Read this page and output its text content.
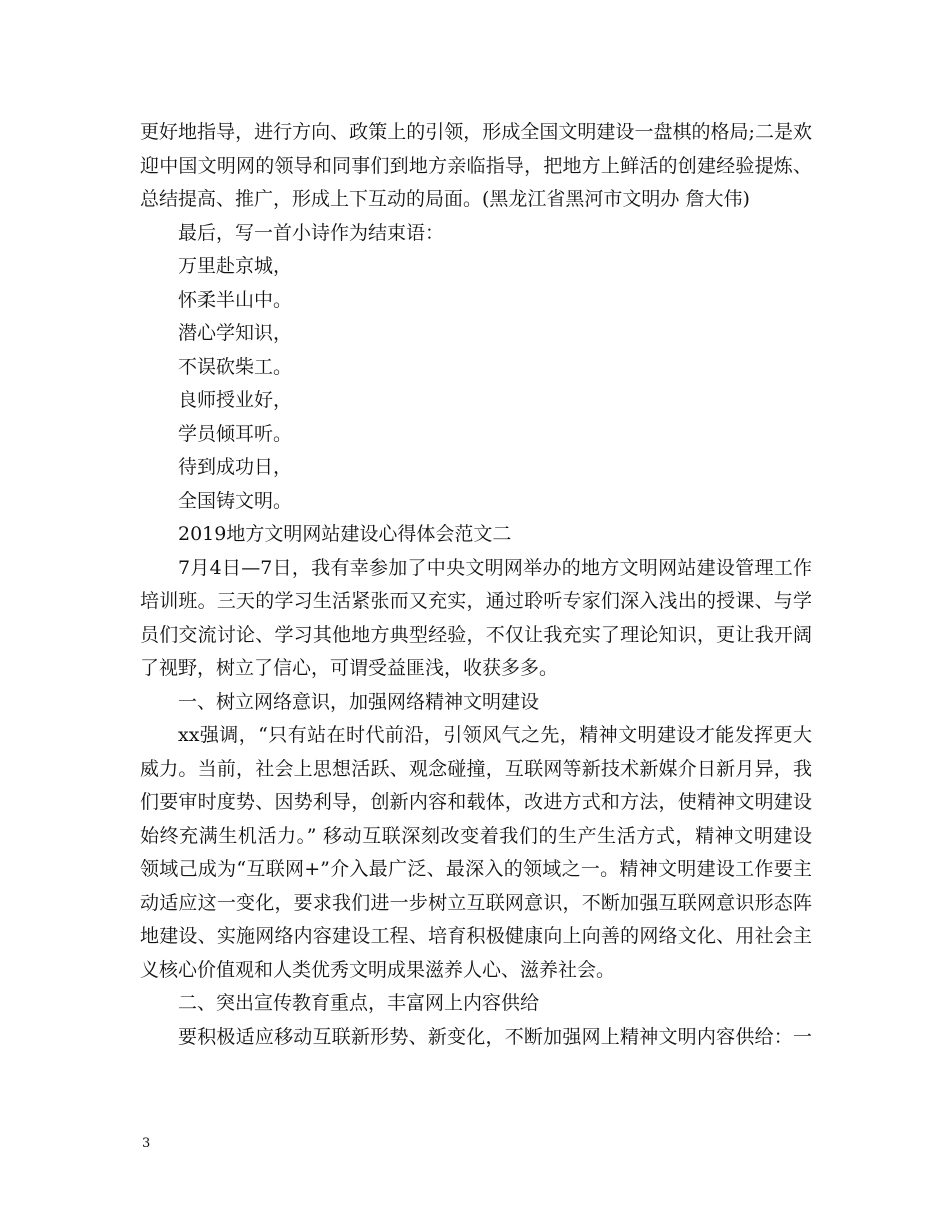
更好地指导，进行方向、政策上的引领，形成全国文明建设一盘棋的格局;二是欢
迎中国文明网的领导和同事们到地方亲临指导，把地方上鲜活的创建经验提炼、
总结提高、推广，形成上下互动的局面。(黑龙江省黑河市文明办 詹大伟)
最后，写一首小诗作为结束语：
万里赴京城，
怀柔半山中。
潜心学知识，
不误砍柴工。
良师授业好，
学员倾耳听。
待到成功日，
全国铸文明。
2019地方文明网站建设心得体会范文二
7月4日—7日，我有幸参加了中央文明网举办的地方文明网站建设管理工作
培训班。三天的学习生活紧张而又充实，通过聆听专家们深入浅出的授课、与学
员们交流讨论、学习其他地方典型经验，不仅让我充实了理论知识，更让我开阔
了视野，树立了信心，可谓受益匪浅，收获多多。
一、树立网络意识，加强网络精神文明建设
xx强调，“只有站在时代前沿，引领风气之先，精神文明建设才能发挥更大
威力。当前，社会上思想活跃、观念碰撞，互联网等新技术新媒介日新月异，我
们要审时度势、因势利导，创新内容和载体，改进方式和方法，使精神文明建设
始终充满生机活力。” 移动互联深刻改变着我们的生产生活方式，精神文明建设
领域己成为“互联网+”介入最广泛、最深入的领域之一。精神文明建设工作要主
动适应这一变化，要求我们进一步树立互联网意识，不断加强互联网意识形态阵
地建设、实施网络内容建设工程、培育积极健康向上向善的网络文化、用社会主
义核心价值观和人类优秀文明成果滋养人心、滋养社会。
二、突出宣传教育重点，丰富网上内容供给
要积极适应移动互联新形势、新变化，不断加强网上精神文明内容供给：一
3
